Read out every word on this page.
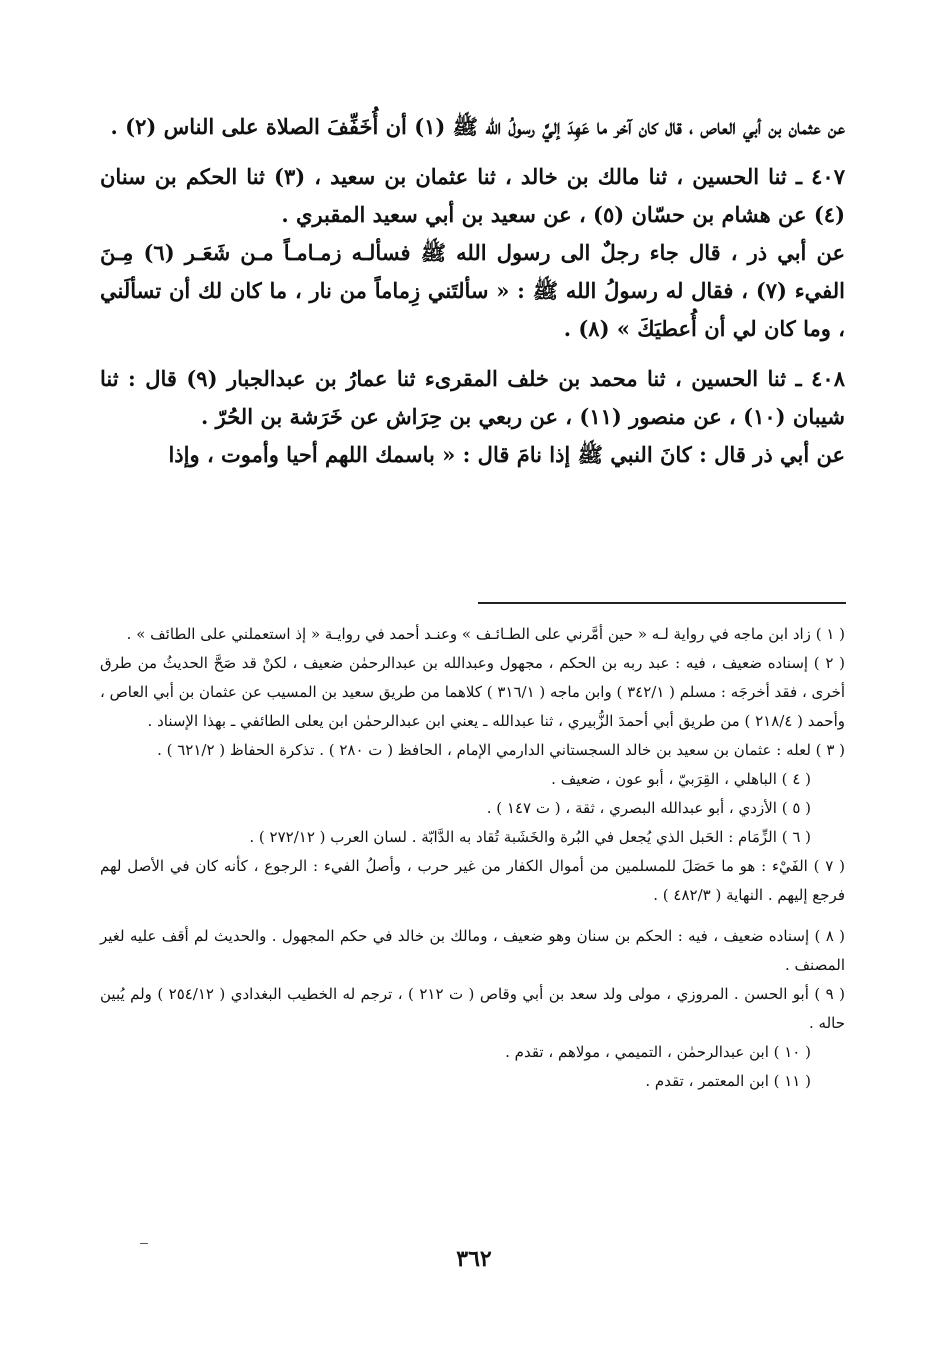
عن عثمان بن أبي العاص ، قال كان آخر ما عَهِدَ إليَّ رسولُ الله ﷺ (١) أن أُخَفِّفَ الصلاة على الناس (٢) .

٤٠٧ ـ ثنا الحسين ، ثنا مالك بن خالد ، ثنا عثمان بن سعيد ، (٣) ثنا الحكم بن سنان (٤) عن هشام بن حسّان (٥) ، عن سعيد بن أبي سعيد المقبري .

عن أبي ذر ، قال جاء رجلٌ الى رسول الله ﷺ فسألـه زمـامـاً مـن شَعَـر (٦) مِـنَ الفيء (٧) ، فقال له رسولُ الله ﷺ : « سألتَني زِماماً من نار ، ما كان لك أن تسألَني ، وما كان لي أن أُعطيَكَ » (٨) .

٤٠٨ ـ ثنا الحسين ، ثنا محمد بن خلف المقرىء ثنا عمارُ بن عبدالجبار (٩) قال : ثنا شيبان (١٠) ، عن منصور (١١) ، عن ربعي بن حِرَاش عن خَرَشة بن الحُرّ .

عن أبي ذر قال : كانَ النبي ﷺ إذا نامَ قال : « باسمك اللهم أحيا وأموت ، وإذا

( ١ ) زاد ابن ماجه في رواية لـه « حين أمَّرني على الطـائـف » وعنـد أحمد في روايـة « إذ استعملني على الطائف » .

( ٢ ) إسناده ضعيف ، فيه : عبد ربه بن الحكم ، مجهول وعبدالله بن عبدالرحمٰن ضعيف ، لكنْ قد صَحَّ الحديثُ من طرق أخرى ، فقد أخرجَه : مسلم ( ٣٤٢/١ ) وابن ماجه ( ٣١٦/١ ) كلاهما من طريق سعيد بن المسيب عن عثمان بن أبي العاص ، وأحمد ( ٢١٨/٤ ) من طريق أبي أحمدَ الزُّبيري ، ثنا عبدالله ـ يعني ابن عبدالرحمٰن ابن يعلى الطائفي ـ بهذا الإسناد .

( ٣ ) لعله : عثمان بن سعيد بن خالد السجستاني الدارمي الإمام ، الحافظ ( ت ٢٨٠ ) . تذكرة الحفاظ ( ٦٢١/٢ ) .

( ٤ ) الباهلي ، القِرَبيّ ، أبو عون ، ضعيف .

( ٥ ) الأزدي ، أبو عبدالله البصري ، ثقة ، ( ت ١٤٧ ) .

( ٦ ) الزِّمَام : الحَبل الذي يُجعل في البُرة والخَشَبة تُقاد به الدَّابّة . لسان العرب ( ٢٧٢/١٢ ) .

( ٧ ) الفَيْء : هو ما حَصَلَ للمسلمين من أموال الكفار من غير حرب ، وأصلُ الفيء : الرجوع ، كأنه كان في الأصل لهم فرجع إليهم . النهاية ( ٤٨٢/٣ ) .

( ٨ ) إسناده ضعيف ، فيه : الحكم بن سنان وهو ضعيف ، ومالك بن خالد في حكم المجهول . والحديث لم أقف عليه لغير المصنف .

( ٩ ) أبو الحسن . المروزي ، مولى ولد سعد بن أبي وقاص ( ت ٢١٢ ) ، ترجم له الخطيب البغدادي ( ٢٥٤/١٢ ) ولم يُبين حاله .

( ١٠ ) ابن عبدالرحمٰن ، التميمي ، مولاهم ، تقدم .

( ١١ ) ابن المعتمر ، تقدم .

٣٦٢
